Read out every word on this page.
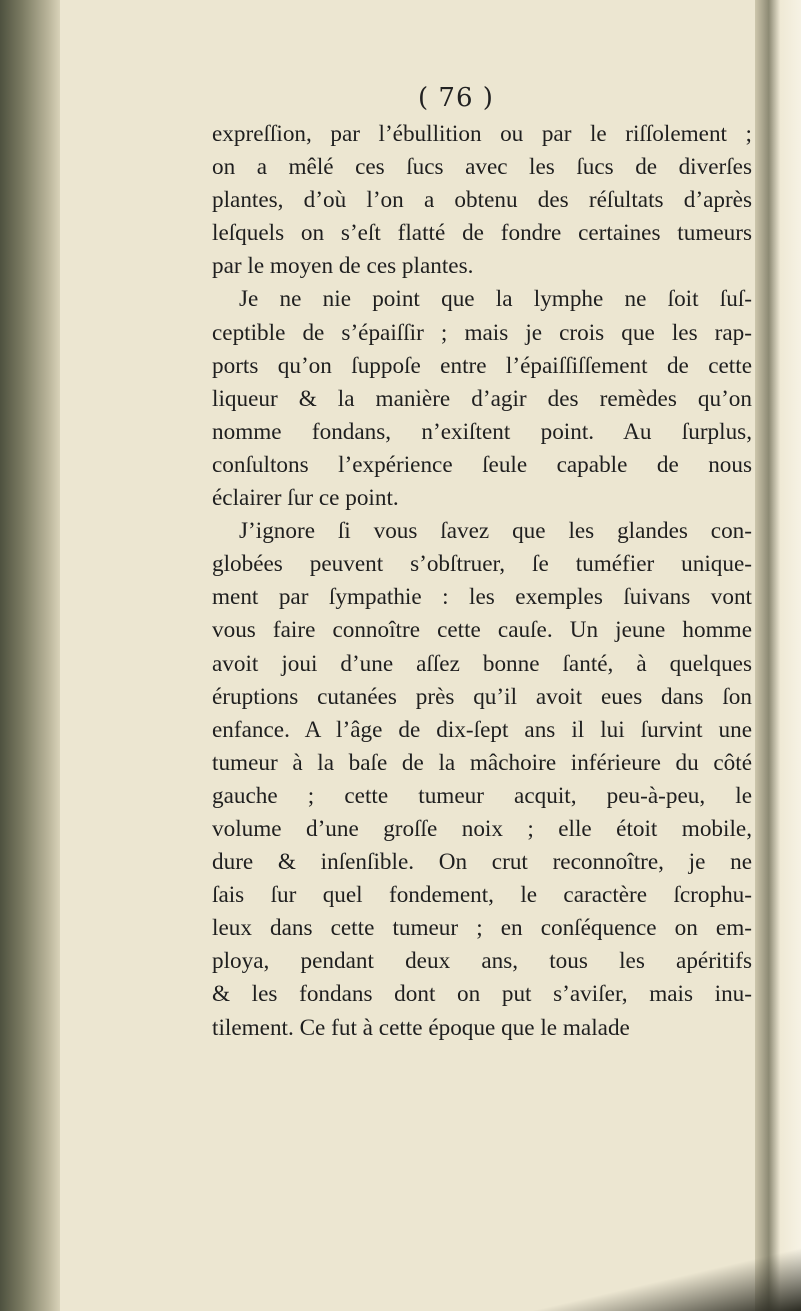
( 76 )
expreſſion, par l’ébullition ou par le riſſolement ;
on a mêlé ces ſucs avec les ſucs de diverſes
plantes, d’où l’on a obtenu des réſultats d’après
leſquels on s’eſt flatté de fondre certaines tumeurs
par le moyen de ces plantes.
Je ne nie point que la lymphe ne ſoit ſuſ-
ceptible de s’épaiſſir ; mais je crois que les rap-
ports qu’on ſuppoſe entre l’épaiſſiſſement de cette
liqueur & la manière d’agir des remèdes qu’on
nomme fondans, n’exiſtent point. Au ſurplus,
conſultons l’expérience ſeule capable de nous
éclairer ſur ce point.
J’ignore ſi vous ſavez que les glandes con-
globées peuvent s’obſtruer, ſe tuméfier unique-
ment par ſympathie : les exemples ſuivans vont
vous faire connoître cette cauſe. Un jeune homme
avoit joui d’une aſſez bonne ſanté, à quelques
éruptions cutanées près qu’il avoit eues dans ſon
enfance. A l’âge de dix-ſept ans il lui ſurvint une
tumeur à la baſe de la mâchoire inférieure du côté
gauche ; cette tumeur acquit, peu-à-peu, le
volume d’une groſſe noix ; elle étoit mobile,
dure & inſenſible. On crut reconnoître, je ne
ſais ſur quel fondement, le caractère ſcrophu-
leux dans cette tumeur ; en conſéquence on em-
ploya, pendant deux ans, tous les apéritifs
& les fondans dont on put s’aviſer, mais inu-
tilement. Ce fut à cette époque que le malade
